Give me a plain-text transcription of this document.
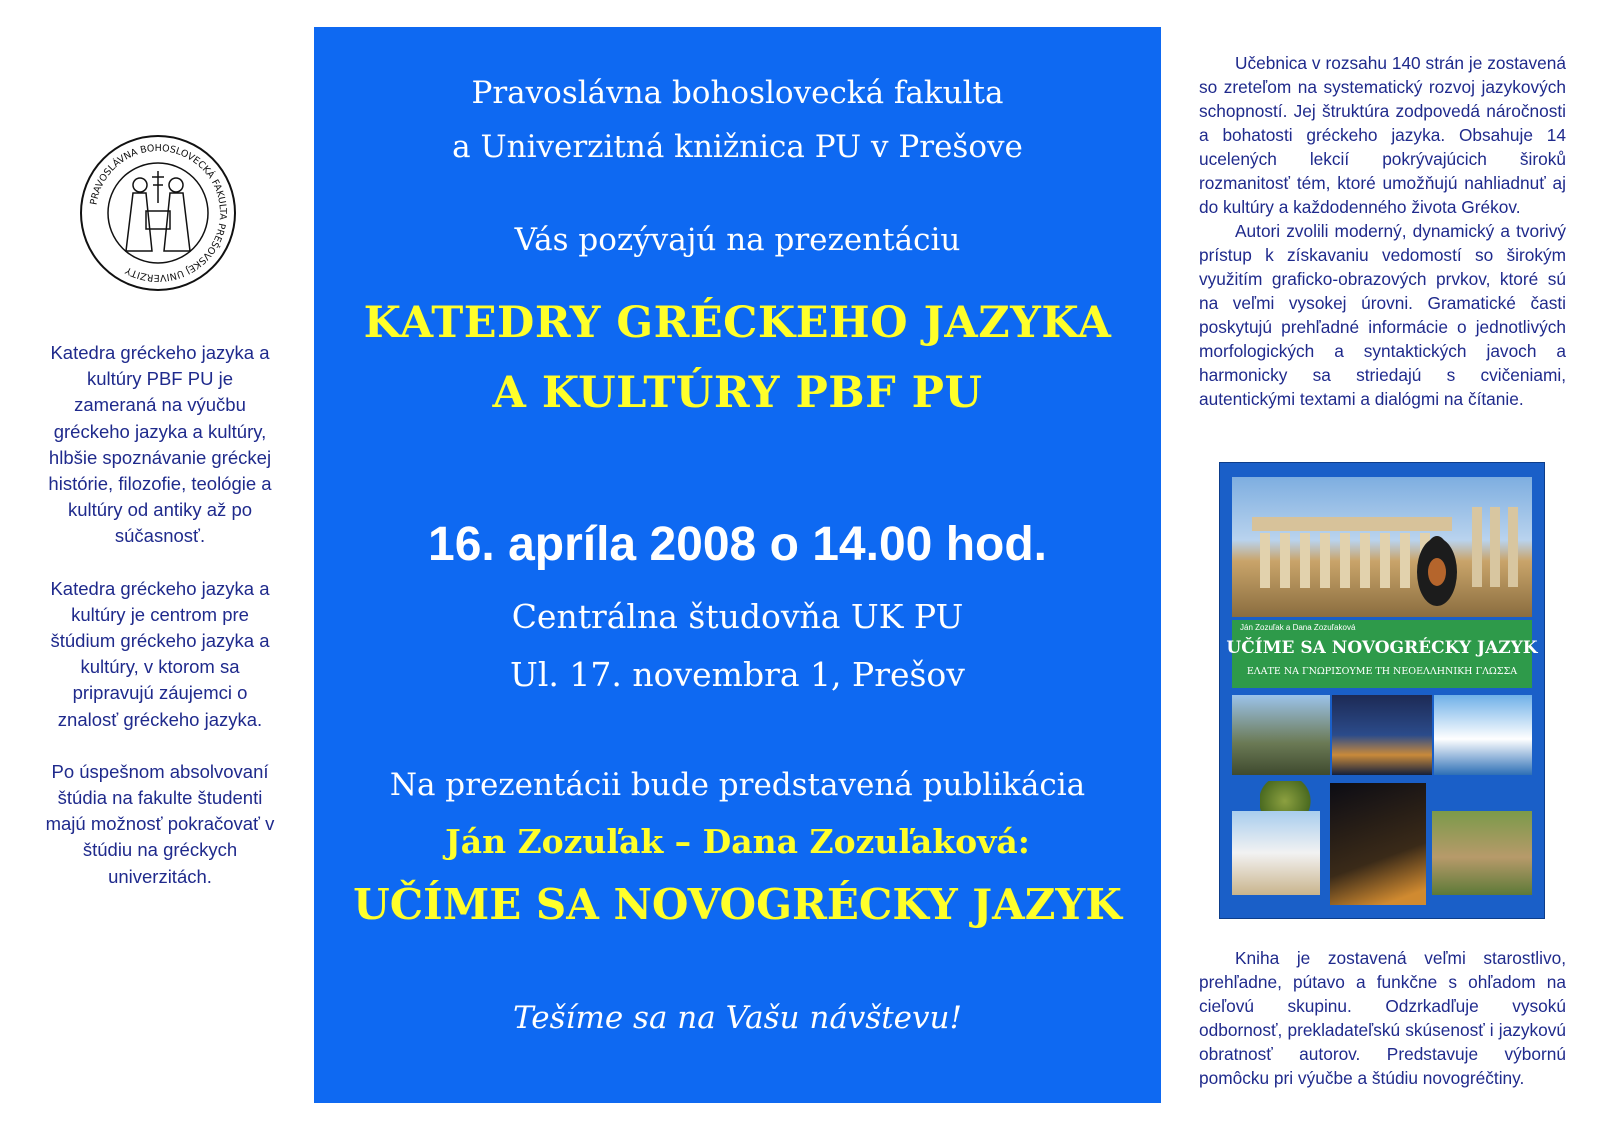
PRAVOSLÁVNA BOHOSLOVECKÁ FAKULTA PREŠOVSKEJ UNIVERZITY

Katedra gréckeho jazyka a kultúry PBF PU je zameraná na výučbu gréckeho jazyka a kultúry, hlbšie spoznávanie gréckej histórie, filozofie, teológie a kultúry od antiky až po súčasnosť.

Katedra gréckeho jazyka a kultúry je centrom pre štúdium gréckeho jazyka a kultúry, v ktorom sa pripravujú záujemci o znalosť gréckeho jazyka.

Po úspešnom absolvovaní štúdia na fakulte študenti majú možnosť pokračovať v štúdiu na gréckych univerzitách.

Pravoslávna bohoslovecká fakulta
a Univerzitná knižnica PU v Prešove
Vás pozývajú na prezentáciu
KATEDRY GRÉCKEHO JAZYKA
A KULTÚRY PBF PU
16. apríla 2008 o 14.00 hod.
Centrálna študovňa UK PU
Ul. 17. novembra 1, Prešov
Na prezentácii bude predstavená publikácia
Ján Zozuľak – Dana Zozuľaková:
UČÍME SA NOVOGRÉCKY JAZYK
Tešíme sa na Vašu návštevu!

Učebnica v rozsahu 140 strán je zostavená so zreteľom na systematický rozvoj jazykových schopností. Jej štruktúra zodpovedá náročnosti a bohatosti gréckeho jazyka. Obsahuje 14 ucelených lekcií pokrývajúcich široků rozmanitosť tém, ktoré umožňujú nahliadnuť aj do kultúry a každodenného života Grékov.

Autori zvolili moderný, dynamický a tvorivý prístup k získavaniu vedomostí so širokým využitím graficko-obrazových prvkov, ktoré sú na veľmi vysokej úrovni. Gramatické časti poskytujú prehľadné informácie o jednotlivých morfologických a syntaktických javoch a harmonicky sa striedajú s cvičeniami, autentickými textami a dialógmi na čítanie.

Ján Zozuľak a Dana Zozuľaková
UČÍME SA NOVOGRÉCKY JAZYK
ΕΛΑΤΕ ΝΑ ΓΝΩΡΙΣΟΥΜΕ ΤΗ ΝΕΟΕΛΛΗΝΙΚΗ ΓΛΩΣΣΑ

Kniha je zostavená veľmi starostlivo, prehľadne, pútavo a funkčne s ohľadom na cieľovú skupinu. Odzrkadľuje vysokú odbornosť, prekladateľskú skúsenosť i jazykovú obratnosť autorov. Predstavuje výbornú pomôcku pri výučbe a štúdiu novogréčtiny.
